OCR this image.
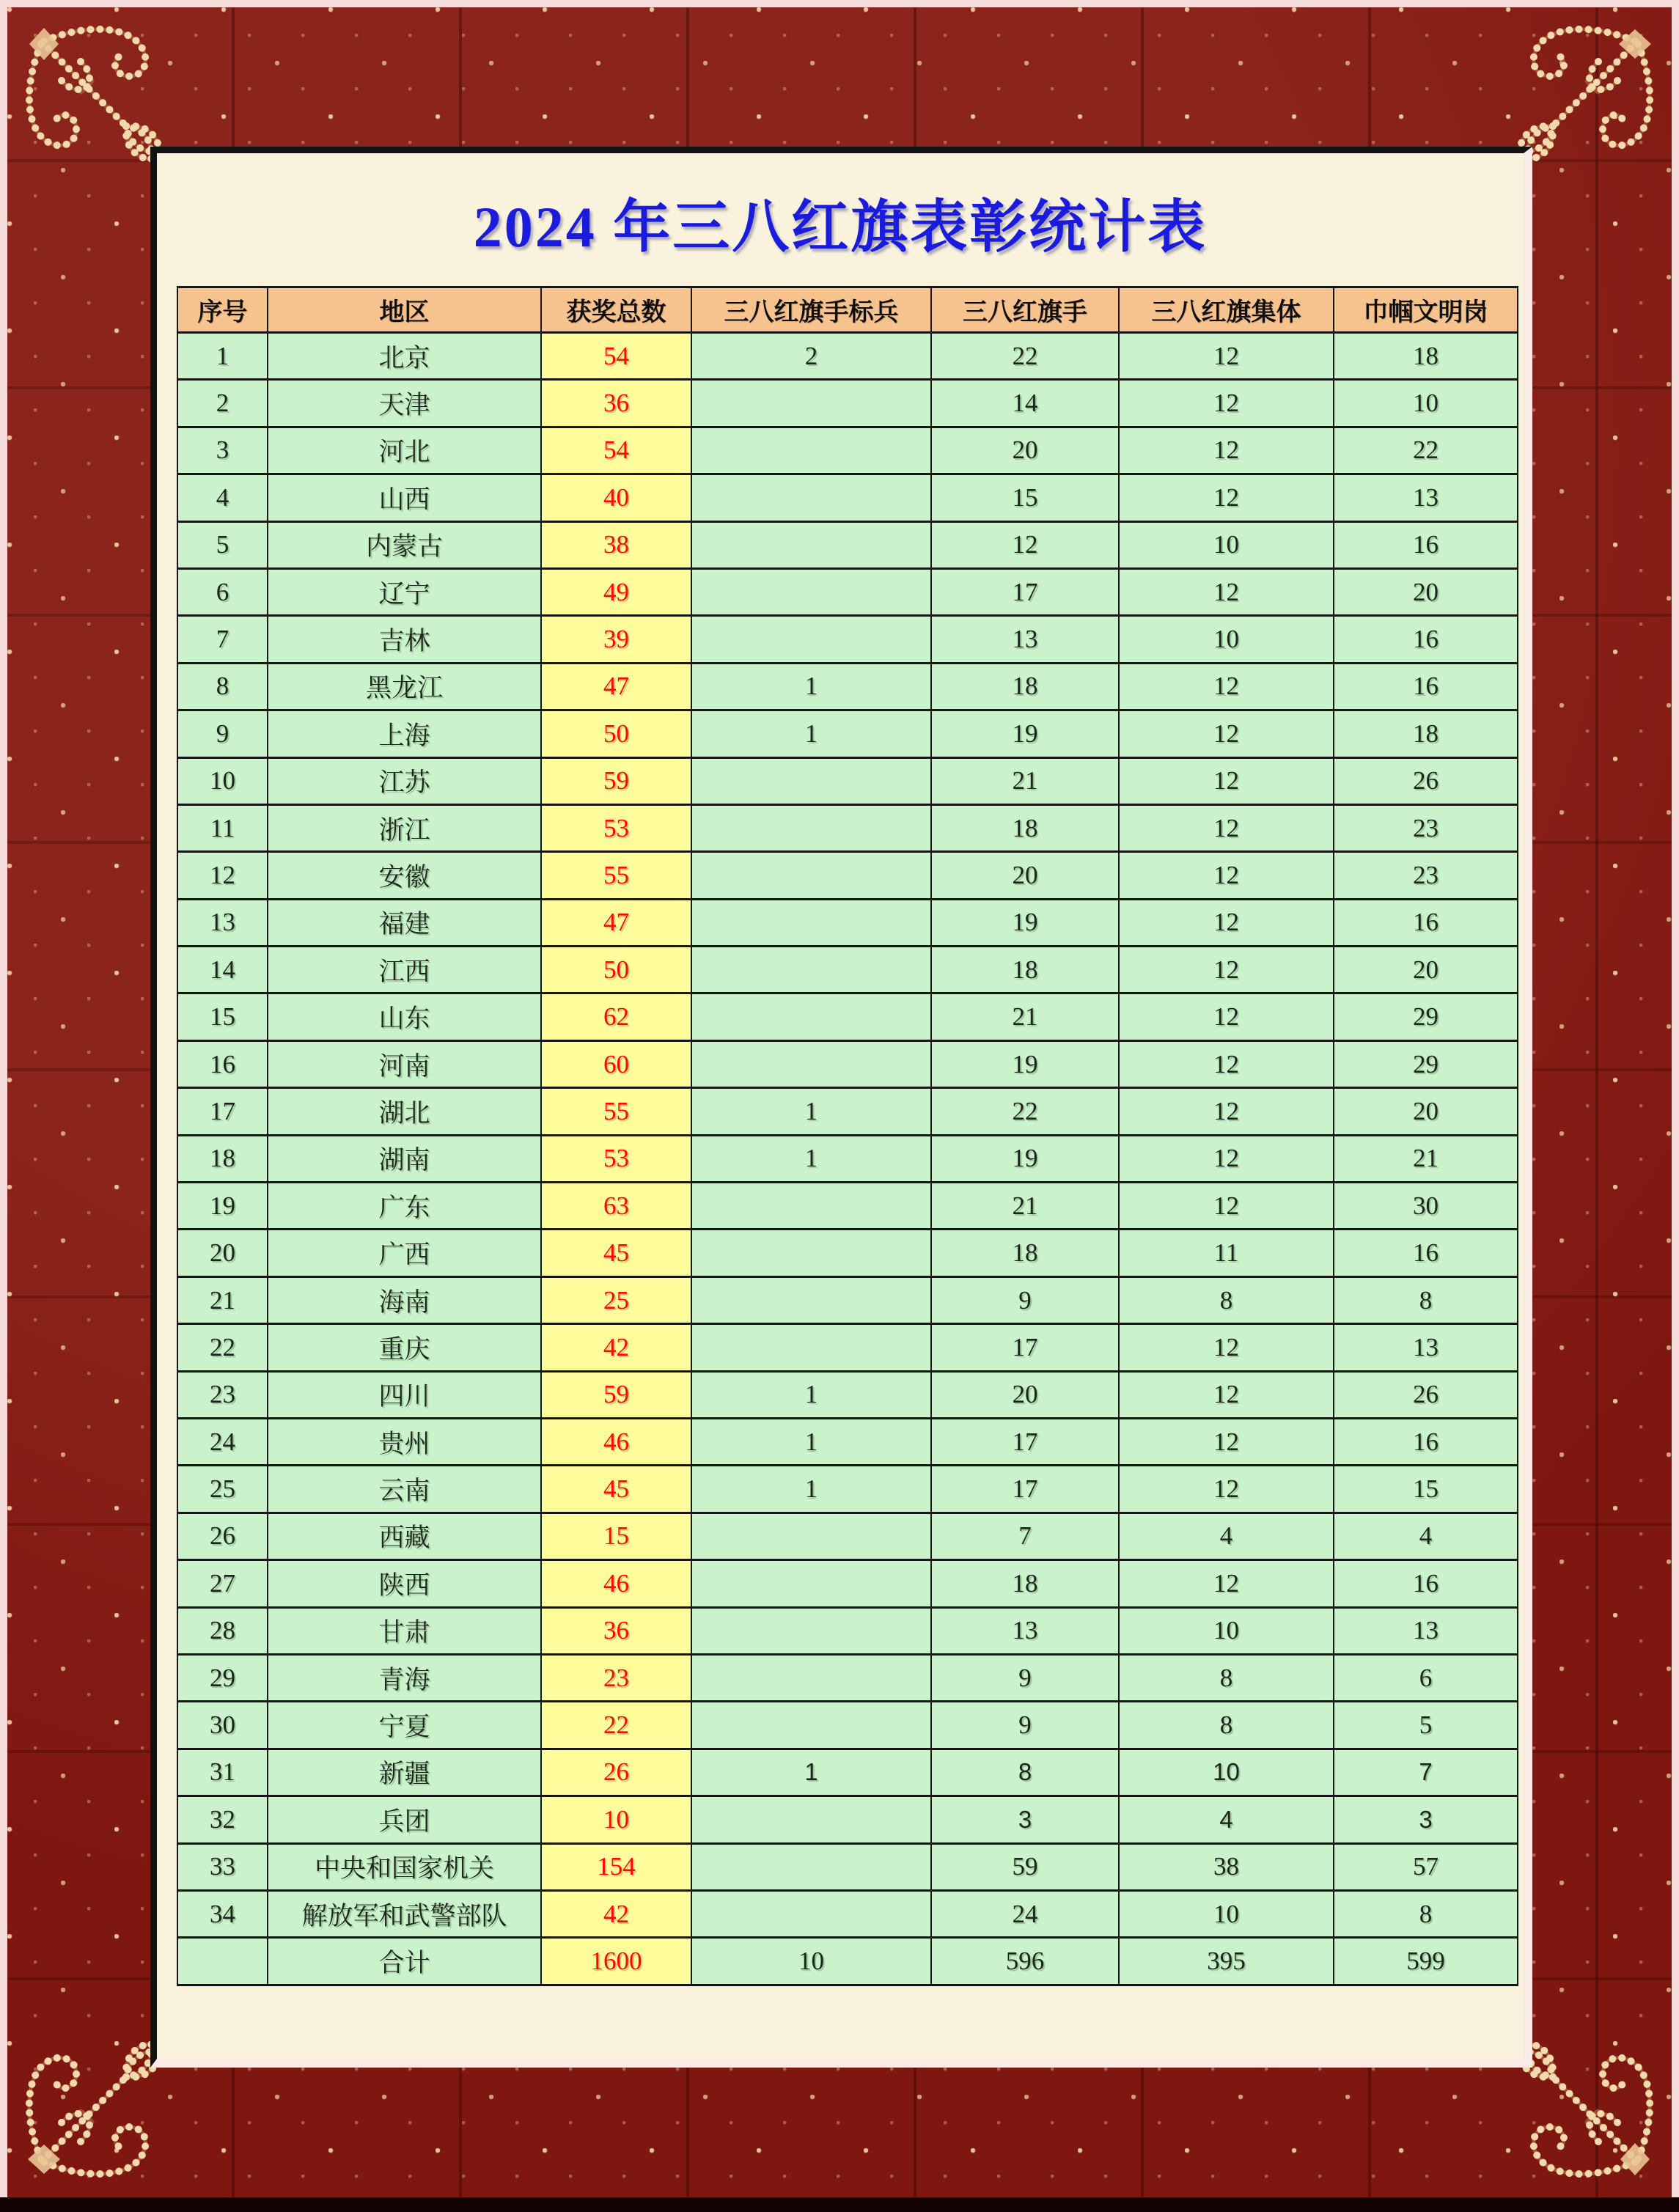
2024 年三八红旗表彰统计表
序号	地区	获奖总数	三八红旗手标兵	三八红旗手	三八红旗集体	巾帼文明岗
1	北京	54	2	22	12	18
2	天津	36		14	12	10
3	河北	54		20	12	22
4	山西	40		15	12	13
5	内蒙古	38		12	10	16
6	辽宁	49		17	12	20
7	吉林	39		13	10	16
8	黑龙江	47	1	18	12	16
9	上海	50	1	19	12	18
10	江苏	59		21	12	26
11	浙江	53		18	12	23
12	安徽	55		20	12	23
13	福建	47		19	12	16
14	江西	50		18	12	20
15	山东	62		21	12	29
16	河南	60		19	12	29
17	湖北	55	1	22	12	20
18	湖南	53	1	19	12	21
19	广东	63		21	12	30
20	广西	45		18	11	16
21	海南	25		9	8	8
22	重庆	42		17	12	13
23	四川	59	1	20	12	26
24	贵州	46	1	17	12	16
25	云南	45	1	17	12	15
26	西藏	15		7	4	4
27	陕西	46		18	12	16
28	甘肃	36		13	10	13
29	青海	23		9	8	6
30	宁夏	22		9	8	5
31	新疆	26	1	8	10	7
32	兵团	10		3	4	3
33	中央和国家机关	154		59	38	57
34	解放军和武警部队	42		24	10	8
	合计	1600	10	596	395	599
